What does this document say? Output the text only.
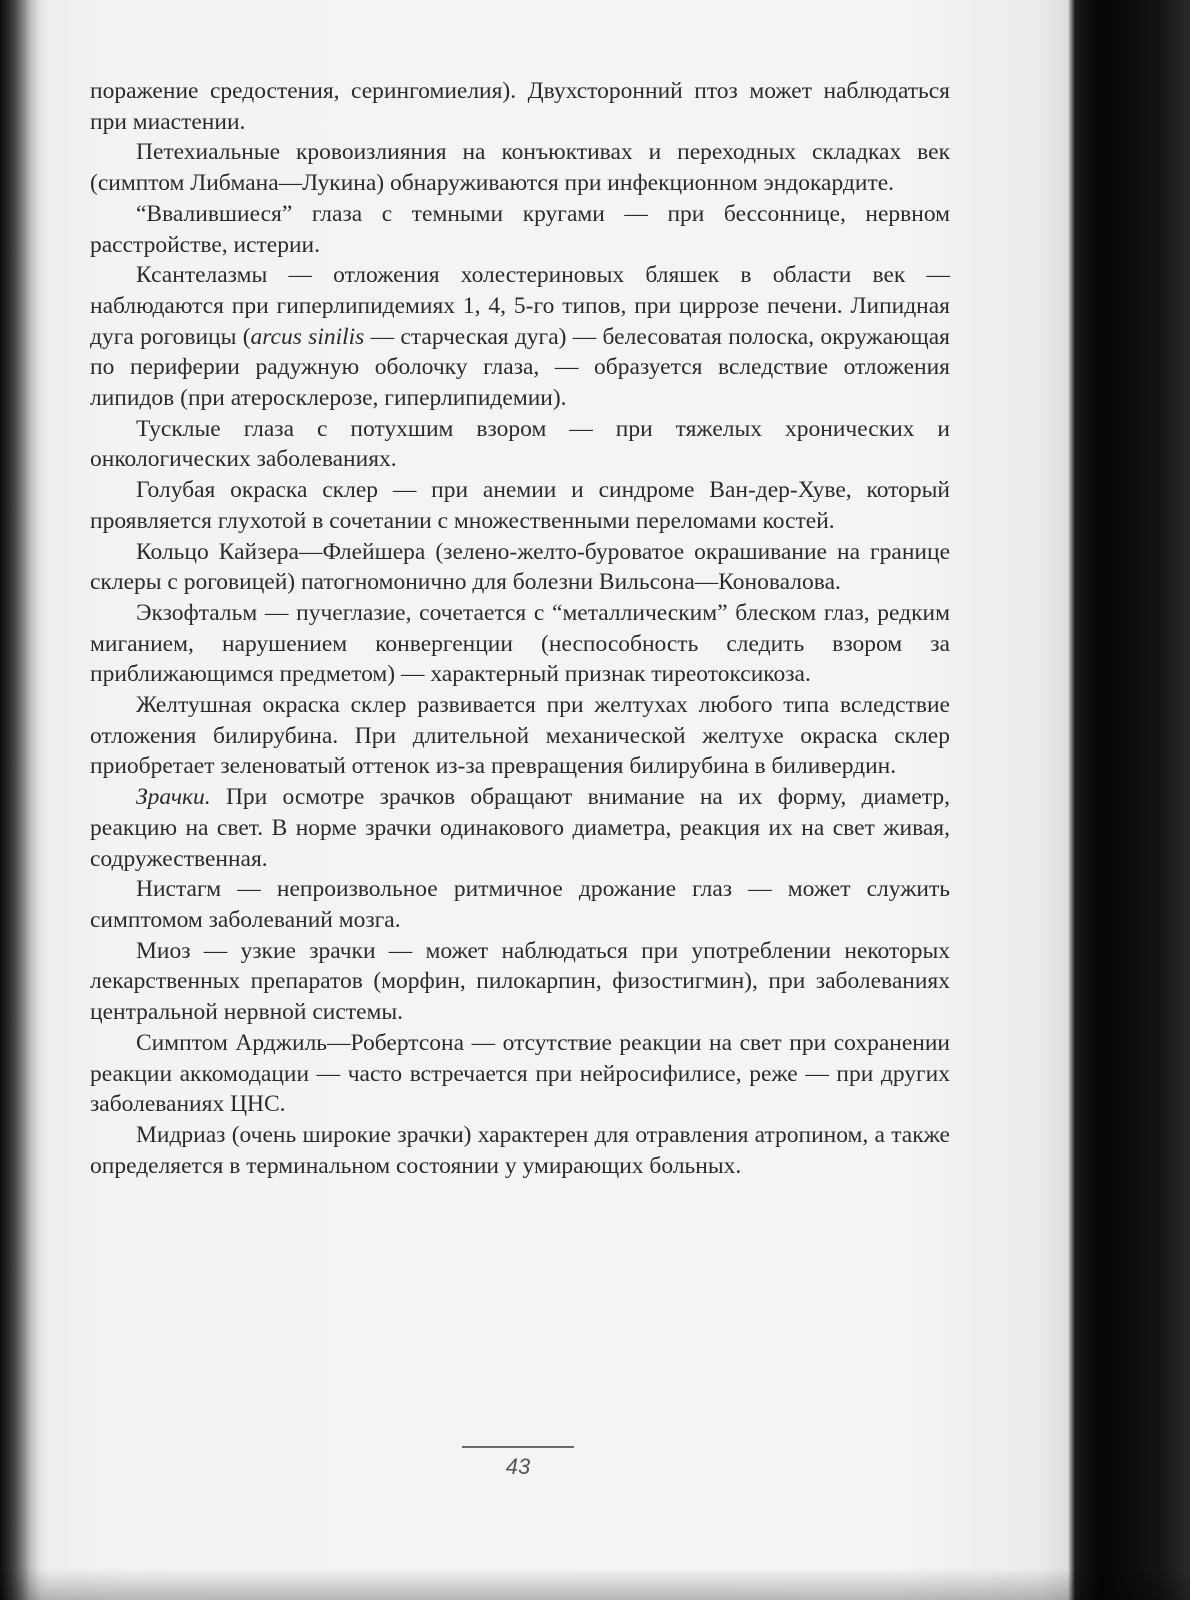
поражение средостения, серингомиелия). Двухсторонний птоз может наблюдаться при миастении.

Петехиальные кровоизлияния на конъюктивах и переходных складках век (симптом Либмана—Лукина) обнаруживаются при инфекционном эндокардите.

“Ввалившиеся” глаза с темными кругами — при бессоннице, нервном расстройстве, истерии.

Ксантелазмы — отложения холестериновых бляшек в области век — наблюдаются при гиперлипидемиях 1, 4, 5-го типов, при циррозе печени. Липидная дуга роговицы (arcus sinilis — старческая дуга) — белесоватая полоска, окружающая по периферии радужную оболочку глаза, — образуется вследствие отложения липидов (при атеросклерозе, гиперлипидемии).

Тусклые глаза с потухшим взором — при тяжелых хронических и онкологических заболеваниях.

Голубая окраска склер — при анемии и синдроме Ван-дер-Хуве, который проявляется глухотой в сочетании с множественными переломами костей.

Кольцо Кайзера—Флейшера (зелено-желто-буроватое окрашивание на границе склеры с роговицей) патогномонично для болезни Вильсона—Коновалова.

Экзофтальм — пучеглазие, сочетается с “металлическим” блеском глаз, редким миганием, нарушением конвергенции (неспособность следить взором за приближающимся предметом) — характерный признак тиреотоксикоза.

Желтушная окраска склер развивается при желтухах любого типа вследствие отложения билирубина. При длительной механической желтухе окраска склер приобретает зеленоватый оттенок из-за превращения билирубина в биливердин.

Зрачки. При осмотре зрачков обращают внимание на их форму, диаметр, реакцию на свет. В норме зрачки одинакового диаметра, реакция их на свет живая, содружественная.

Нистагм — непроизвольное ритмичное дрожание глаз — может служить симптомом заболеваний мозга.

Миоз — узкие зрачки — может наблюдаться при употреблении некоторых лекарственных препаратов (морфин, пилокарпин, физостигмин), при заболеваниях центральной нервной системы.

Симптом Арджиль—Робертсона — отсутствие реакции на свет при сохранении реакции аккомодации — часто встречается при нейросифилисе, реже — при других заболеваниях ЦНС.

Мидриаз (очень широкие зрачки) характерен для отравления атропином, а также определяется в терминальном состоянии у умирающих больных.

43
